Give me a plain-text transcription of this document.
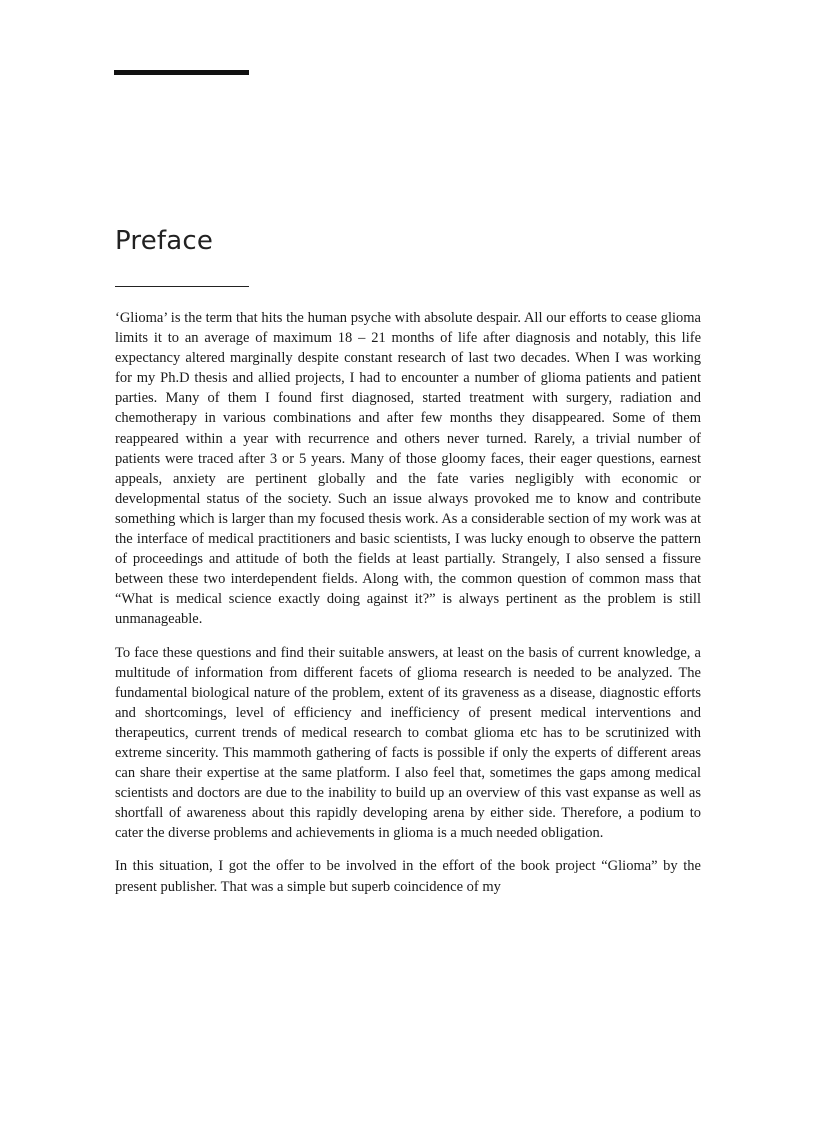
Preface

‘Glioma’ is the term that hits the human psyche with absolute despair. All our efforts to cease glioma limits it to an average of maximum 18 – 21 months of life after diagnosis and notably, this life expectancy altered marginally despite constant research of last two decades. When I was working for my Ph.D thesis and allied projects, I had to encounter a number of glioma patients and patient parties. Many of them I found first diagnosed, started treatment with surgery, radiation and chemotherapy in various combinations and after few months they disappeared. Some of them reappeared within a year with recurrence and others never turned. Rarely, a trivial number of patients were traced after 3 or 5 years. Many of those gloomy faces, their eager questions, earnest appeals, anxiety are pertinent globally and the fate varies negligibly with economic or developmental status of the society. Such an issue always provoked me to know and contribute something which is larger than my focused thesis work. As a considerable section of my work was at the interface of medical practitioners and basic scientists, I was lucky enough to observe the pattern of proceedings and attitude of both the fields at least partially. Strangely, I also sensed a fissure between these two interdependent fields. Along with, the common question of common mass that “What is medical science exactly doing against it?” is always pertinent as the problem is still unmanageable.

To face these questions and find their suitable answers, at least on the basis of current knowledge, a multitude of information from different facets of glioma research is needed to be analyzed. The fundamental biological nature of the problem, extent of its graveness as a disease, diagnostic efforts and shortcomings, level of efficiency and inefficiency of present medical interventions and therapeutics, current trends of medical research to combat glioma etc has to be scrutinized with extreme sincerity. This mammoth gathering of facts is possible if only the experts of different areas can share their expertise at the same platform. I also feel that, sometimes the gaps among medical scientists and doctors are due to the inability to build up an overview of this vast expanse as well as shortfall of awareness about this rapidly developing arena by either side. Therefore, a podium to cater the diverse problems and achievements in glioma is a much needed obligation.

In this situation, I got the offer to be involved in the effort of the book project “Glioma” by the present publisher. That was a simple but superb coincidence of my
